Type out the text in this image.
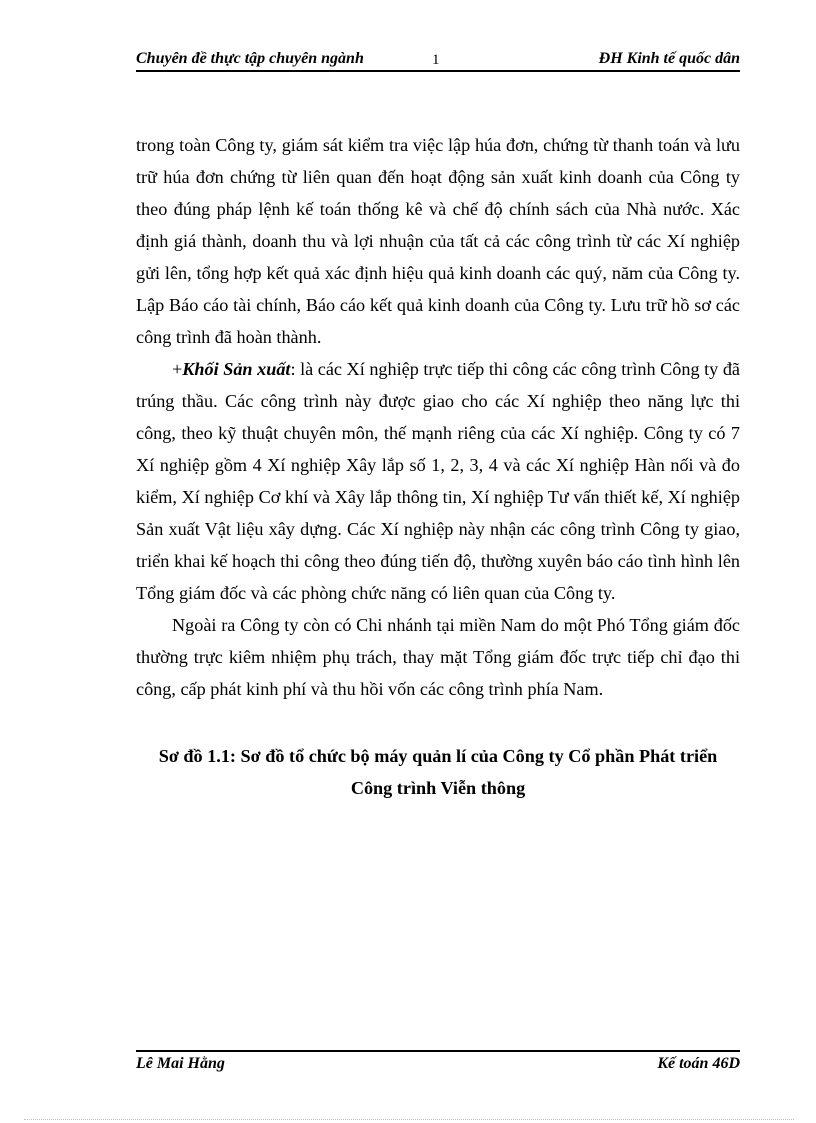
Chuyên đề thực tập chuyên ngành	1	ĐH Kinh tế quốc dân

trong toàn Công ty, giám sát kiểm tra việc lập húa đơn, chứng từ thanh toán và lưu trữ húa đơn chứng từ liên quan đến hoạt động sản xuất kinh doanh của Công ty theo đúng pháp lệnh kế toán thống kê và chế độ chính sách của Nhà nước. Xác định giá thành, doanh thu và lợi nhuận của tất cả các công trình từ các Xí nghiệp gửi lên, tổng hợp kết quả xác định hiệu quả kinh doanh các quý, năm của Công ty. Lập Báo cáo tài chính, Báo cáo kết quả kinh doanh của Công ty. Lưu trữ hồ sơ các công trình đã hoàn thành.

+Khối Sản xuất: là các Xí nghiệp trực tiếp thi công các công trình Công ty đã trúng thầu. Các công trình này được giao cho các Xí nghiệp theo năng lực thi công, theo kỹ thuật chuyên môn, thế mạnh riêng của các Xí nghiệp. Công ty có 7 Xí nghiệp gồm 4 Xí nghiệp Xây lắp số 1, 2, 3, 4 và các Xí nghiệp Hàn nối và đo kiểm, Xí nghiệp Cơ khí và Xây lắp thông tin, Xí nghiệp Tư vấn thiết kế, Xí nghiệp Sản xuất Vật liệu xây dựng. Các Xí nghiệp này nhận các công trình Công ty giao, triển khai kế hoạch thi công theo đúng tiến độ, thường xuyên báo cáo tình hình lên Tổng giám đốc và các phòng chức năng có liên quan của Công ty.

Ngoài ra Công ty còn có Chi nhánh tại miền Nam do một Phó Tổng giám đốc thường trực kiêm nhiệm phụ trách, thay mặt Tổng giám đốc trực tiếp chỉ đạo thi công, cấp phát kinh phí và thu hồi vốn các công trình phía Nam.

Sơ đồ 1.1: Sơ đồ tổ chức bộ máy quản lí của Công ty Cổ phần Phát triển
Công trình Viễn thông
Lê Mai Hằng	Kế toán 46D
